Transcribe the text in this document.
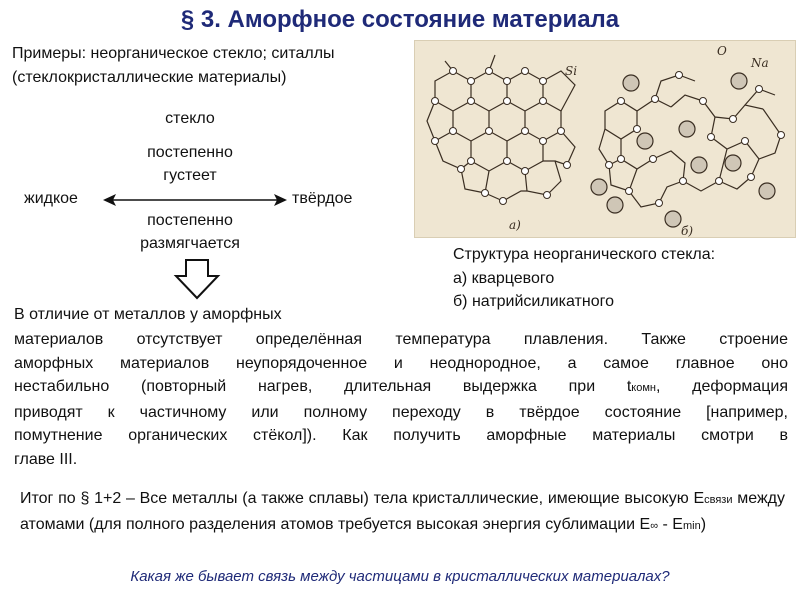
§ 3. Аморфное состояние материала
Примеры: неорганическое стекло; ситаллы
(стеклокристаллические материалы)
стекло
постепенно
густеет
жидкое	твёрдое
постепенно
размягчается
Si
O
Na
а)	б)
Структура неорганического стекла:
а) кварцевого
б) натрийсиликатного
В отличие от металлов у аморфных
материалов отсутствует определённая температура плавления. Также строение
аморфных материалов неупорядоченное и неоднородное, а самое главное оно
нестабильно (повторный нагрев, длительная выдержка при tкомн, деформация
приводят к частичному или полному переходу в твёрдое состояние [например,
помутнение органических стёкол]). Как получить аморфные материалы смотри в
главе III.
Итог по § 1+2 – Все металлы (а также сплавы) тела кристаллические, имеющие высокую Есвязи между атомами (для полного разделения атомов требуется высокая энергия сублимации Е∞ - Еmin)
Какая же бывает связь между частицами в кристаллических материалах?
